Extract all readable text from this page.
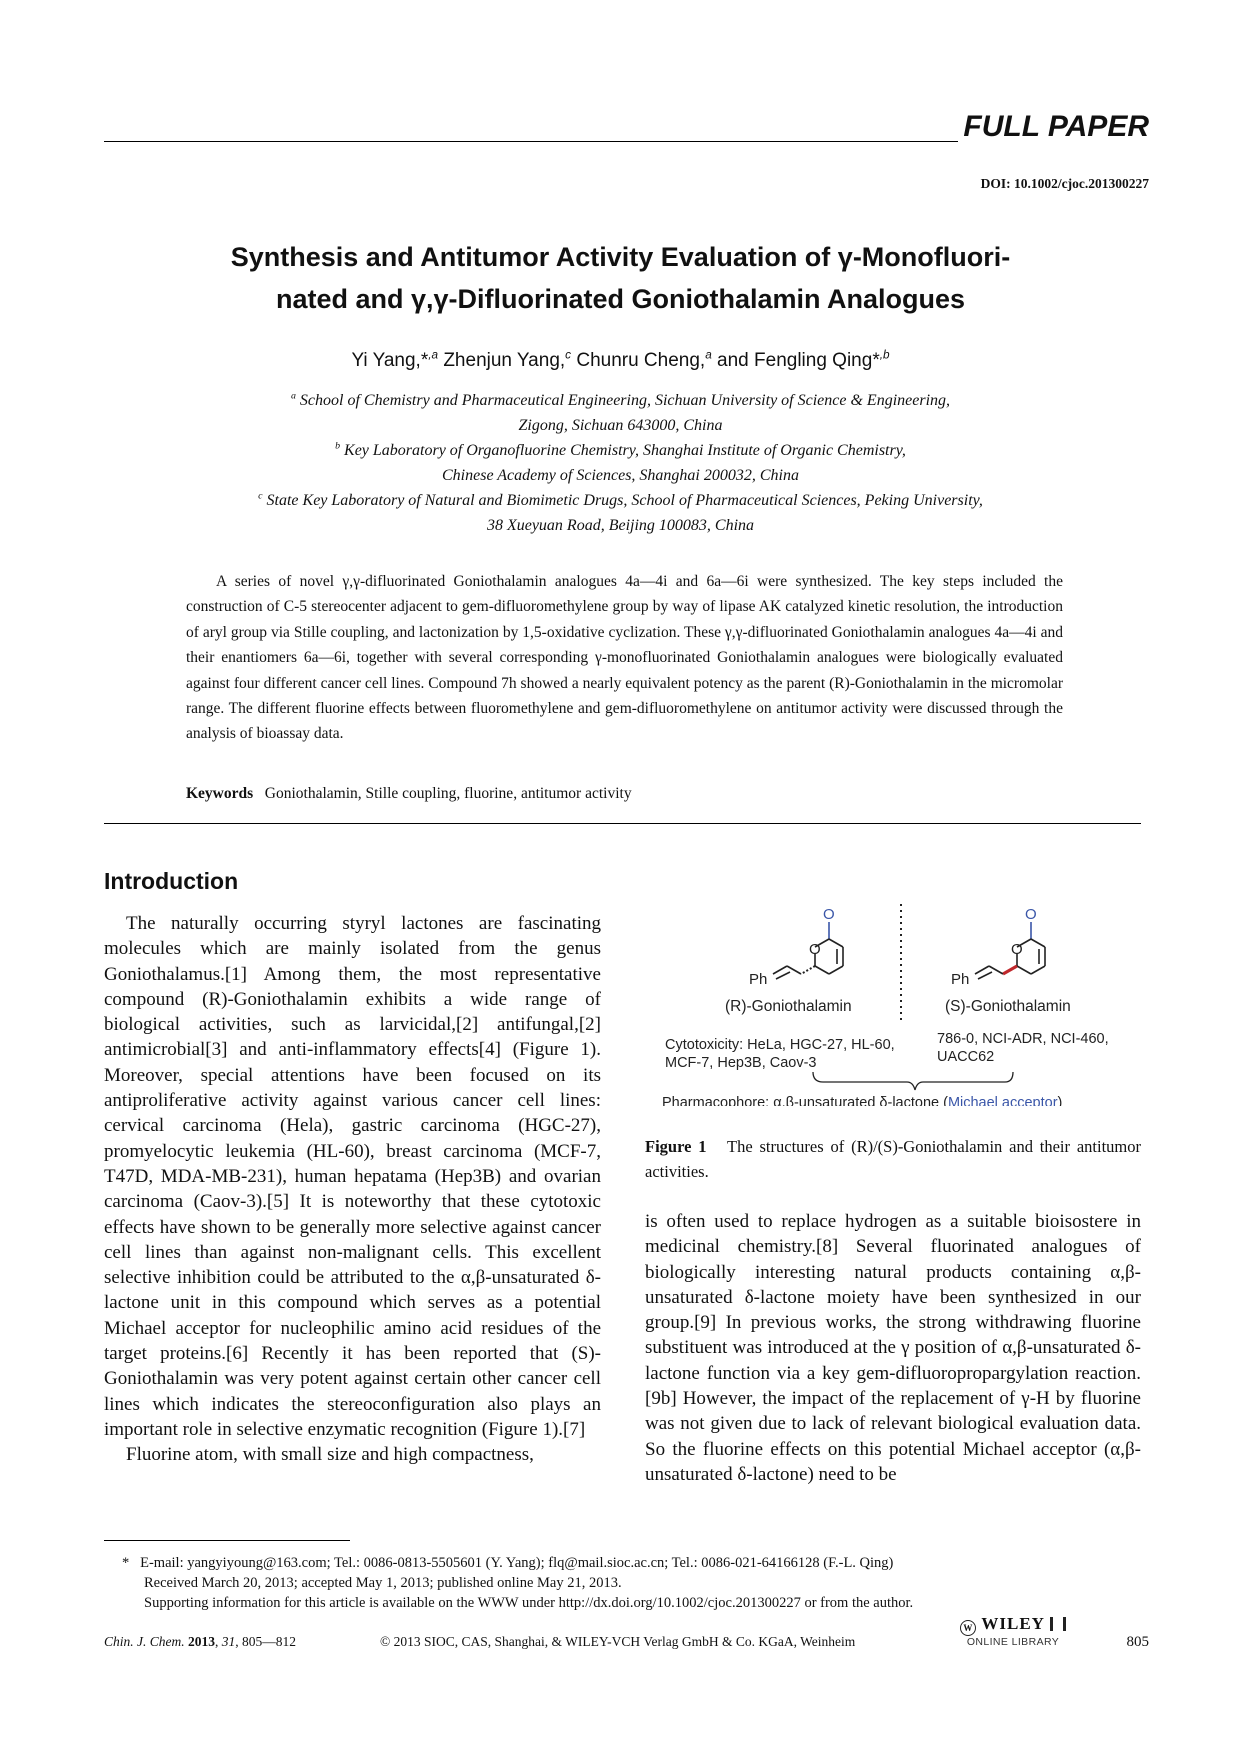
FULL PAPER
DOI: 10.1002/cjoc.201300227
Synthesis and Antitumor Activity Evaluation of γ-Monofluori-
nated and γ,γ-Difluorinated Goniothalamin Analogues
Yi Yang,*$^{,a}$ Zhenjun Yang,$^c$ Chunru Cheng,$^a$ and Fengling Qing*$^{,b}$
$^a$ School of Chemistry and Pharmaceutical Engineering, Sichuan University of Science & Engineering,
Zigong, Sichuan 643000, China
$^b$ Key Laboratory of Organofluorine Chemistry, Shanghai Institute of Organic Chemistry,
Chinese Academy of Sciences, Shanghai 200032, China
$^c$ State Key Laboratory of Natural and Biomimetic Drugs, School of Pharmaceutical Sciences, Peking University,
38 Xueyuan Road, Beijing 100083, China

A series of novel γ,γ-difluorinated Goniothalamin analogues 4a—4i and 6a—6i were synthesized. The key steps included the construction of C-5 stereocenter adjacent to gem-difluoromethylene group by way of lipase AK catalyzed kinetic resolution, the introduction of aryl group via Stille coupling, and lactonization by 1,5-oxidative cyclization. These γ,γ-difluorinated Goniothalamin analogues 4a—4i and their enantiomers 6a—6i, together with several corresponding γ-monofluorinated Goniothalamin analogues were biologically evaluated against four different cancer cell lines. Compound 7h showed a nearly equivalent potency as the parent (R)-Goniothalamin in the micromolar range. The different fluorine effects between fluoromethylene and gem-difluoromethylene on antitumor activity were discussed through the analysis of bioassay data.

Keywords Goniothalamin, Stille coupling, fluorine, antitumor activity
Introduction

The naturally occurring styryl lactones are fascinating molecules which are mainly isolated from the genus Goniothalamus.[1] Among them, the most representative compound (R)-Goniothalamin exhibits a wide range of biological activities, such as larvicidal,[2] antifungal,[2] antimicrobial[3] and anti-inflammatory effects[4] (Figure 1). Moreover, special attentions have been focused on its antiproliferative activity against various cancer cell lines: cervical carcinoma (Hela), gastric carcinoma (HGC-27), promyelocytic leukemia (HL-60), breast carcinoma (MCF-7, T47D, MDA-MB-231), human hepatama (Hep3B) and ovarian carcinoma (Caov-3).[5] It is noteworthy that these cytotoxic effects have shown to be generally more selective against cancer cell lines than against non-malignant cells. This excellent selective inhibition could be attributed to the α,β-unsaturated δ-lactone unit in this compound which serves as a potential Michael acceptor for nucleophilic amino acid residues of the target proteins.[6] Recently it has been reported that (S)-Goniothalamin was very potent against certain other cancer cell lines which indicates the stereoconfiguration also plays an important role in selective enzymatic recognition (Figure 1).[7]

Fluorine atom, with small size and high compactness,

O
O
Ph
(R)-Goniothalamin
O
O
Ph
(S)-Goniothalamin
Cytotoxicity: HeLa, HGC-27, HL-60,
MCF-7, Hep3B, Caov-3
786-0, NCI-ADR, NCI-460,
UACC62
Pharmacophore: α,β-unsaturated δ-lactone (Michael acceptor)
Figure 1 The structures of (R)/(S)-Goniothalamin and their antitumor activities.

is often used to replace hydrogen as a suitable bioisostere in medicinal chemistry.[8] Several fluorinated analogues of biologically interesting natural products containing α,β-unsaturated δ-lactone moiety have been synthesized in our group.[9] In previous works, the strong withdrawing fluorine substituent was introduced at the γ position of α,β-unsaturated δ-lactone function via a key gem-difluoropropargylation reaction.[9b] However, the impact of the replacement of γ-H by fluorine was not given due to lack of relevant biological evaluation data. So the fluorine effects on this potential Michael acceptor (α,β-unsaturated δ-lactone) need to be

* E-mail: yangyiyoung@163.com; Tel.: 0086-0813-5505601 (Y. Yang); flq@mail.sioc.ac.cn; Tel.: 0086-021-64166128 (F.-L. Qing)
Received March 20, 2013; accepted May 1, 2013; published online May 21, 2013.
Supporting information for this article is available on the WWW under http://dx.doi.org/10.1002/cjoc.201300227 or from the author.
Chin. J. Chem. 2013, 31, 805—812	© 2013 SIOC, CAS, Shanghai, & WILEY-VCH Verlag GmbH & Co. KGaA, Weinheim
W WILEY
ONLINE LIBRARY	805
